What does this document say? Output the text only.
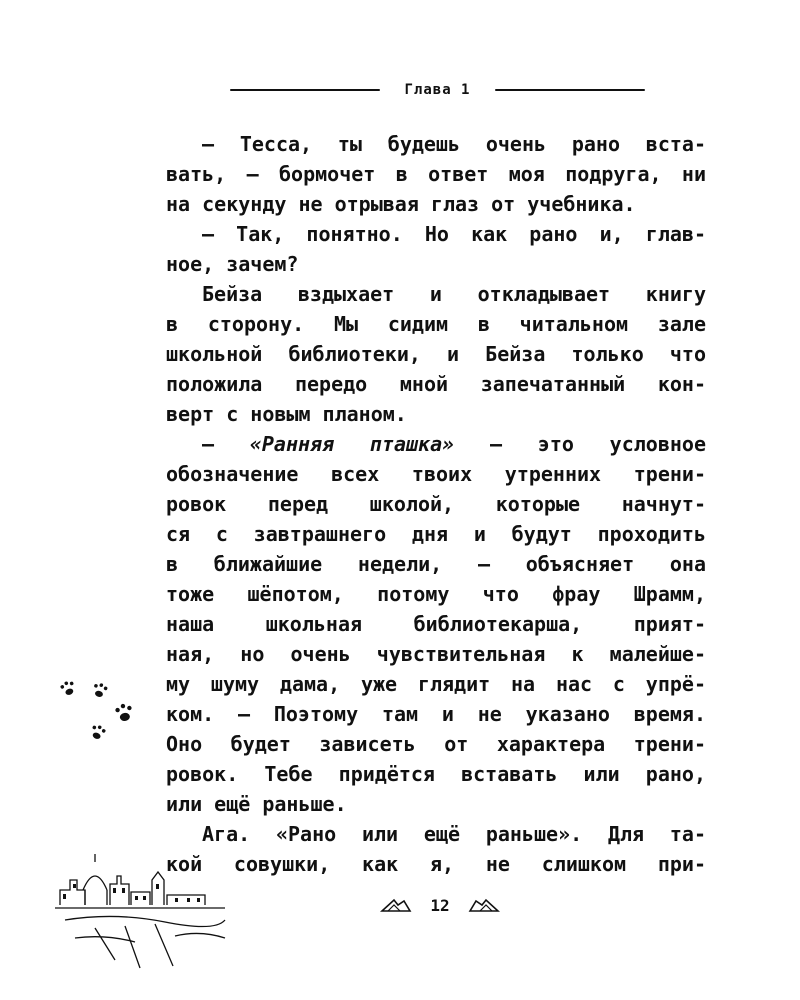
Глава 1

— Тесса, ты будешь очень рано вста-

вать, — бормочет в ответ моя подруга, ни

на секунду не отрывая глаз от учебника.

— Так, понятно. Но как рано и, глав-

ное, зачем?

Бейза вздыхает и откладывает книгу

в сторону. Мы сидим в читальном зале

школьной библиотеки, и Бейза только что

положила передо мной запечатанный кон-

верт с новым планом.

— «Ранняя пташка» — это условное

обозначение всех твоих утренних трени-

ровок перед школой, которые начнут-

ся с завтрашнего дня и будут проходить

в ближайшие недели, — объясняет она

тоже шёпотом, потому что фрау Шрамм,

наша школьная библиотекарша, прият-

ная, но очень чувствительная к малейше-

му шуму дама, уже глядит на нас с упрё-

ком. — Поэтому там и не указано время.

Оно будет зависеть от характера трени-

ровок. Тебе придётся вставать или рано,

или ещё раньше.

Ага. «Рано или ещё раньше». Для та-

кой совушки, как я, не слишком при-

12
